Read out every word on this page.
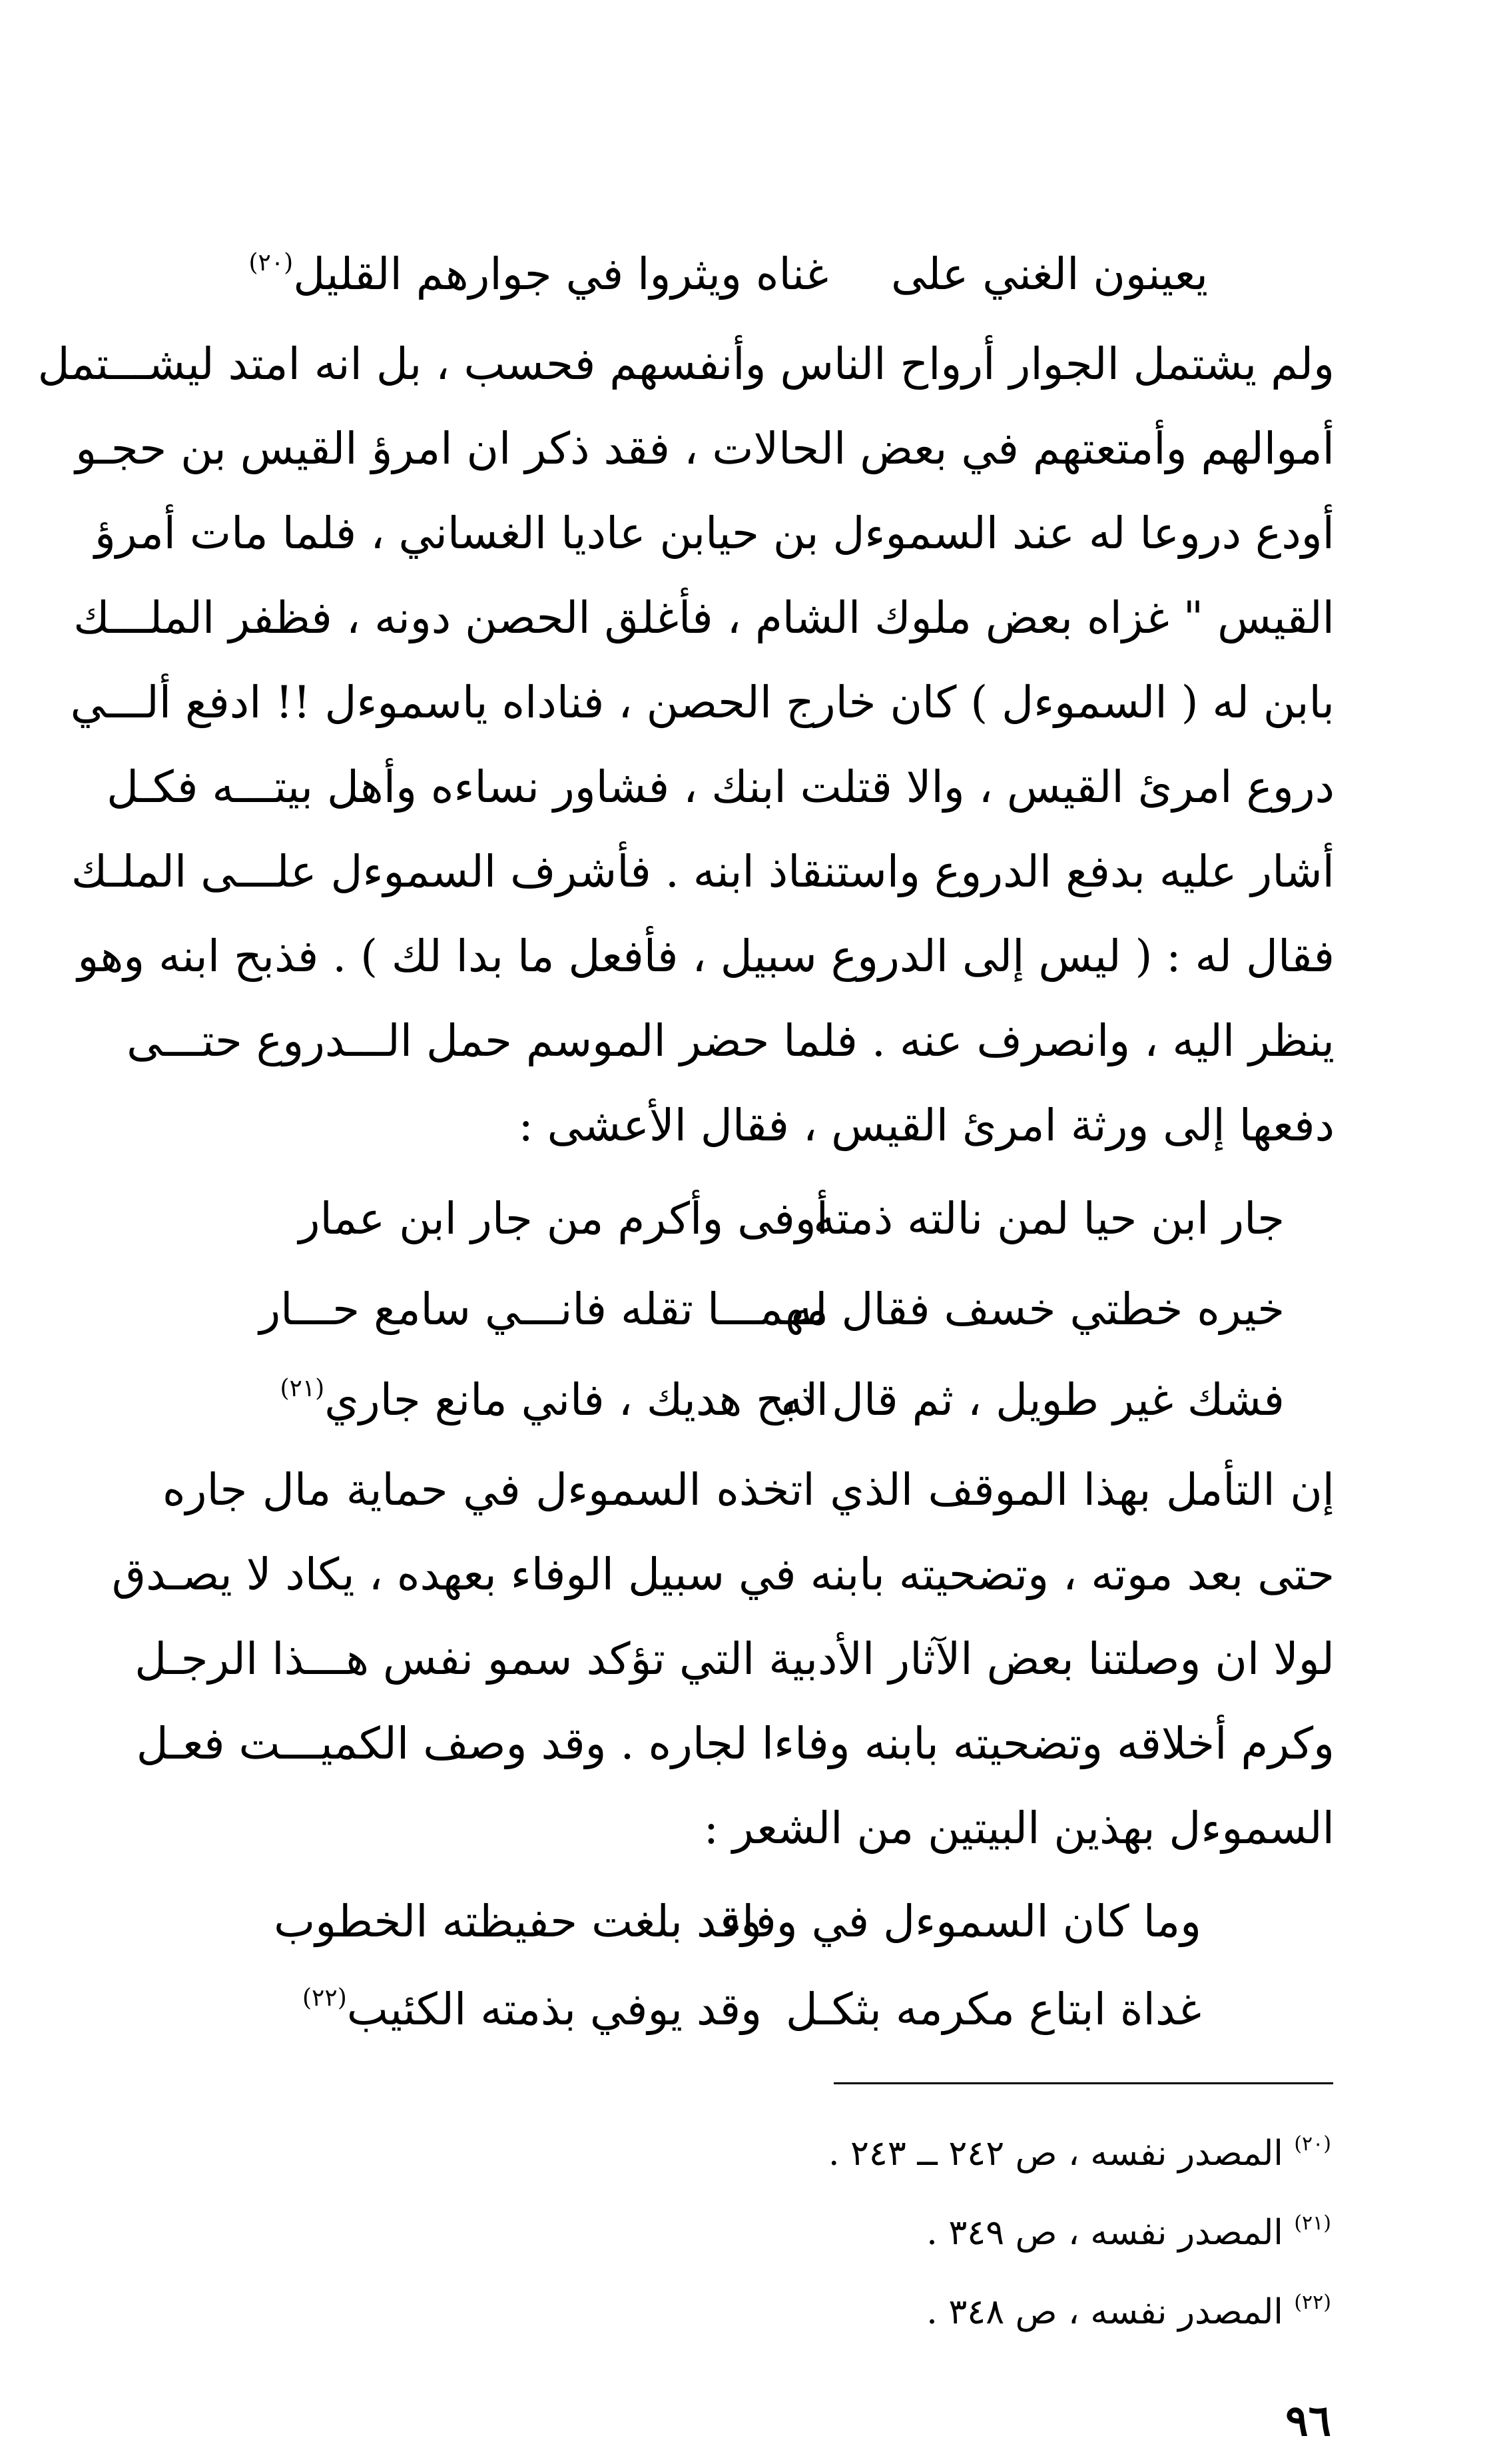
يعينون الغني على
غناه ويثروا في جوارهم القليل$^{(٢٠)}$
ولم يشتمل الجوار أرواح الناس وأنفسهم فحسب ، بل انه امتد ليشـــتمل
أموالهم وأمتعتهم في بعض الحالات ، فقد ذكر ان امرؤ القيس بن حجـو
أودع دروعا له عند السموءل بن حيابن عاديا الغساني ، فلما مات أمرؤ
القيس " غزاه بعض ملوك الشام ، فأغلق الحصن دونه ، فظفر الملـــك
بابن له ( السموءل ) كان خارج الحصن ، فناداه ياسموءل !! ادفع ألـــي
دروع امرئ القيس ، والا قتلت ابنك ، فشاور نساءه وأهل بيتـــه فكـل
أشار عليه بدفع الدروع واستنقاذ ابنه . فأشرف السموءل علـــى الملـك
فقال له : ( ليس إلى الدروع سبيل ، فأفعل ما بدا لك ) . فذبح ابنه وهو
ينظر اليه ، وانصرف عنه . فلما حضر الموسم حمل الـــدروع حتـــى
دفعها إلى ورثة امرئ القيس ، فقال الأعشى :
جار ابن حيا لمن نالته ذمته
أوفى وأكرم من جار ابن عمار
خيره خطتي خسف فقال له
مهمـــا تقله فانـــي سامع حـــار
فشك غير طويل ، ثم قال له
اذبح هديك ، فاني مانع جاري$^{(٢١)}$
إن التأمل بهذا الموقف الذي اتخذه السموءل في حماية مال جاره
حتى بعد موته ، وتضحيته بابنه في سبيل الوفاء بعهده ، يكاد لا يصـدق
لولا ان وصلتنا بعض الآثار الأدبية التي تؤكد سمو نفس هـــذا الرجـل
وكرم أخلاقه وتضحيته بابنه وفاءا لجاره . وقد وصف الكميـــت فعـل
السموءل بهذين البيتين من الشعر :
وما كان السموءل في وفاء
وقد بلغت حفيظته الخطوب
غداة ابتاع مكرمه بثكـل
وقد يوفي بذمته الكئيب$^{(٢٢)}$
$^{(٢٠)}$ المصدر نفسه ، ص ٢٤٢ ــ ٢٤٣ .
$^{(٢١)}$ المصدر نفسه ، ص ٣٤٩ .
$^{(٢٢)}$ المصدر نفسه ، ص ٣٤٨ .
٩٦
